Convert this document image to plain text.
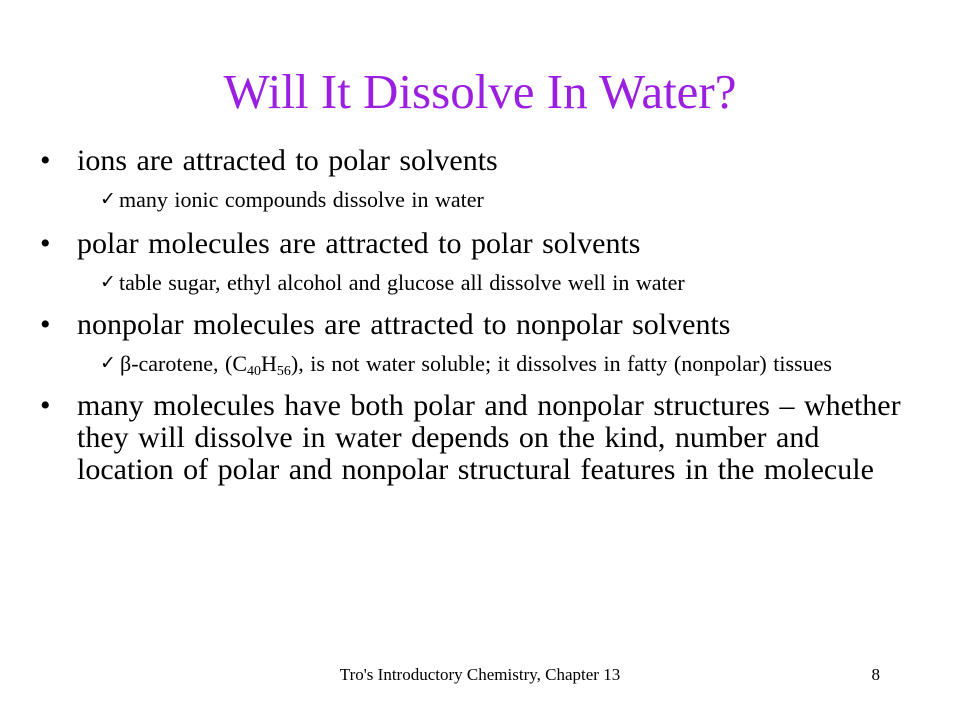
Will It Dissolve In Water?
• ions are attracted to polar solvents
✓ many ionic compounds dissolve in water
• polar molecules are attracted to polar solvents
✓ table sugar, ethyl alcohol and glucose all dissolve well in water
• nonpolar molecules are attracted to nonpolar solvents
✓ β-carotene, $(C_{40}H_{56})$, is not water soluble; it dissolves in fatty (nonpolar) tissues
• many molecules have both polar and nonpolar structures – whether they will dissolve in water depends on the kind, number and location of polar and nonpolar structural features in the molecule
Tro's Introductory Chemistry, Chapter 13	8
